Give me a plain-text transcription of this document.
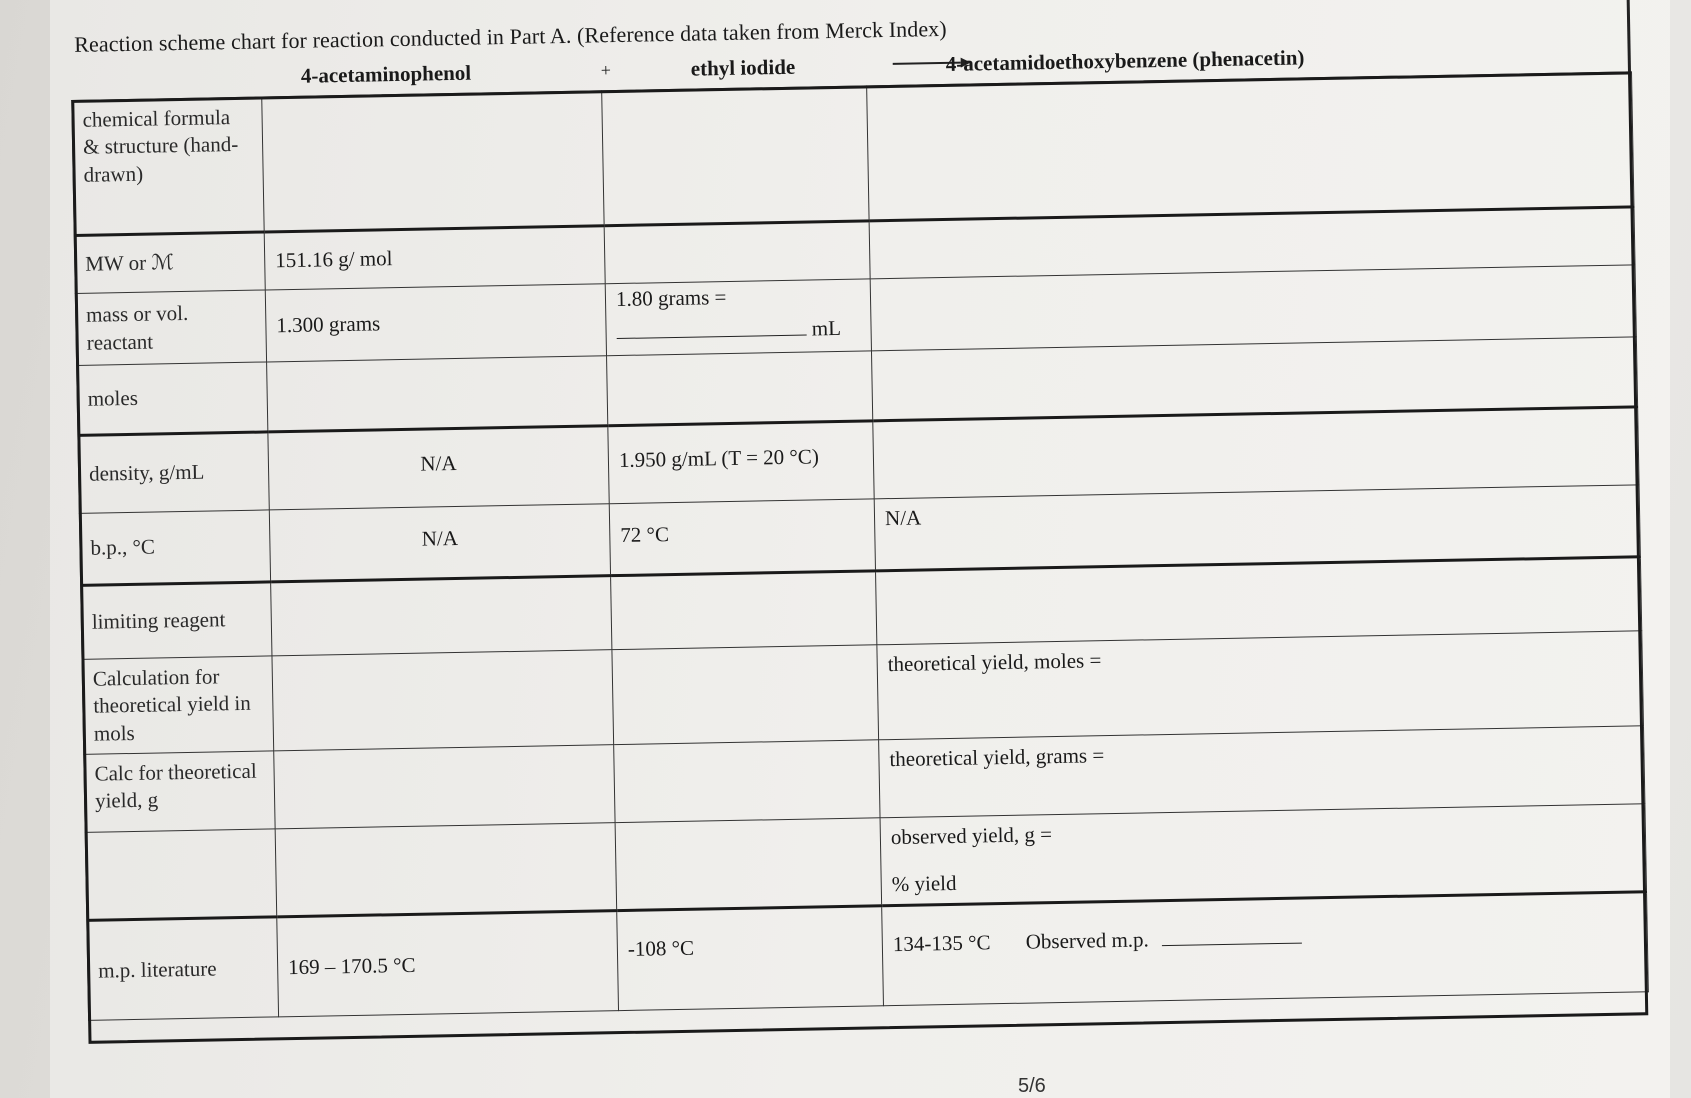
Reaction scheme chart for reaction conducted in Part A. (Reference data taken from Merck Index)
4-acetaminophenol	+	ethyl iodide	4-acetamidoethoxybenzene (phenacetin)
chemical formula & structure (hand-drawn)			
MW or ℳ	151.16 g/ mol		
mass or vol. reactant	1.300 grams	1.80 grams =
mL	

moles			
density, g/mL	N/A	1.950 g/mL (T = 20 °C)	
b.p., °C	N/A	72 °C	N/A
limiting reagent			
Calculation for theoretical yield in mols			theoretical yield, moles =
Calc for theoretical yield, g			theoretical yield, grams =

			observed yield, g =
% yield

m.p. literature	169 – 170.5 °C	-108 °C	134-135 °C Observed m.p.
5/6
